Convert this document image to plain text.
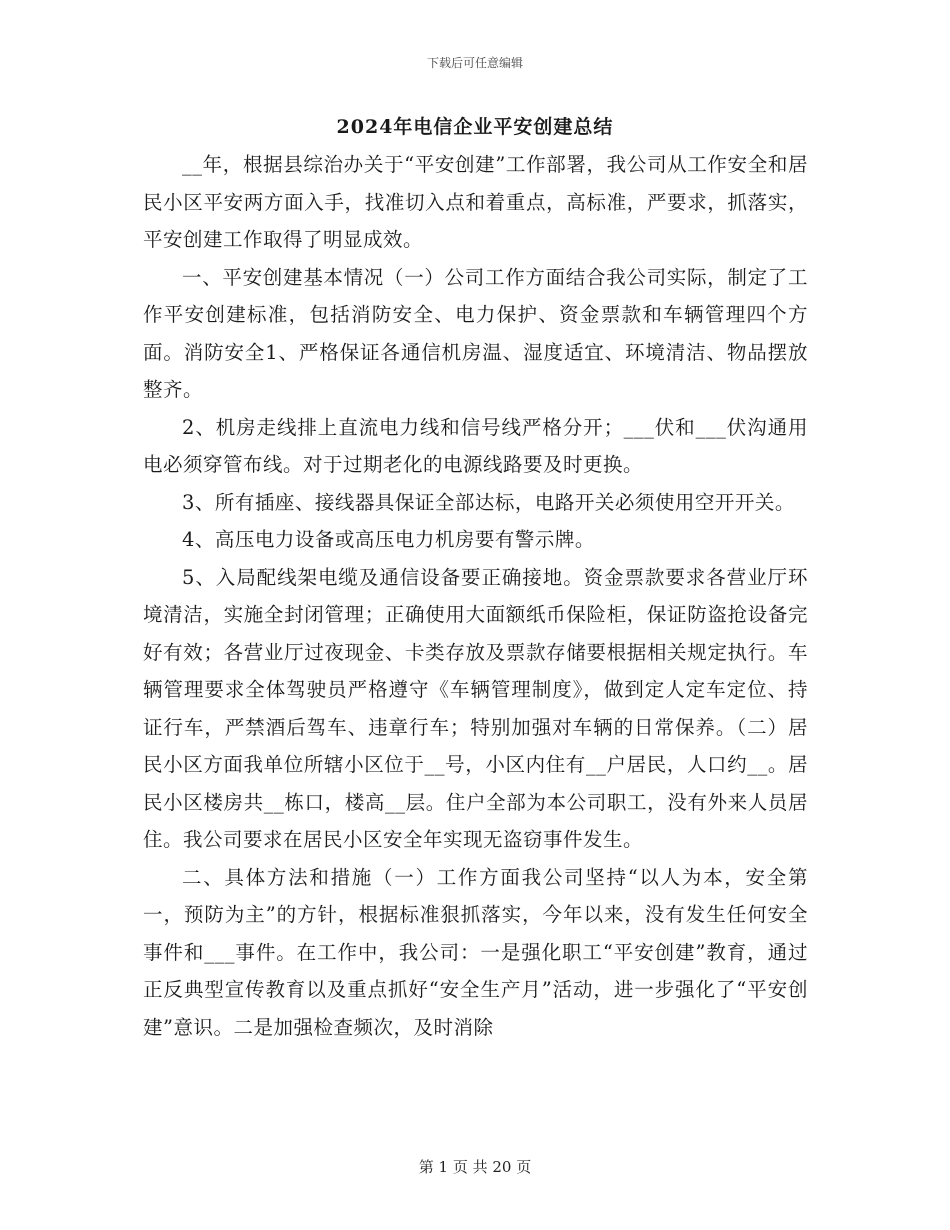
下载后可任意编辑
2024年电信企业平安创建总结

__年，根据县综治办关于“平安创建”工作部署，我公司从工作安全和居民小区平安两方面入手，找准切入点和着重点，高标准，严要求，抓落实，平安创建工作取得了明显成效。

一、平安创建基本情况（一）公司工作方面结合我公司实际，制定了工作平安创建标准，包括消防安全、电力保护、资金票款和车辆管理四个方面。消防安全1、严格保证各通信机房温、湿度适宜、环境清洁、物品摆放整齐。

2、机房走线排上直流电力线和信号线严格分开；___伏和___伏沟通用电必须穿管布线。对于过期老化的电源线路要及时更换。

3、所有插座、接线器具保证全部达标，电路开关必须使用空开开关。

4、高压电力设备或高压电力机房要有警示牌。

5、入局配线架电缆及通信设备要正确接地。资金票款要求各营业厅环境清洁，实施全封闭管理；正确使用大面额纸币保险柜，保证防盗抢设备完好有效；各营业厅过夜现金、卡类存放及票款存储要根据相关规定执行。车辆管理要求全体驾驶员严格遵守《车辆管理制度》，做到定人定车定位、持证行车，严禁酒后驾车、违章行车；特别加强对车辆的日常保养。（二）居民小区方面我单位所辖小区位于__号，小区内住有__户居民，人口约__。居民小区楼房共__栋口，楼高__层。住户全部为本公司职工，没有外来人员居住。我公司要求在居民小区安全年实现无盗窃事件发生。

二、具体方法和措施（一）工作方面我公司坚持“以人为本，安全第一，预防为主”的方针，根据标准狠抓落实，今年以来，没有发生任何安全事件和___事件。在工作中，我公司：一是强化职工“平安创建”教育，通过正反典型宣传教育以及重点抓好“安全生产月”活动，进一步强化了“平安创建”意识。二是加强检查频次，及时消除

第 1 页 共 20 页
